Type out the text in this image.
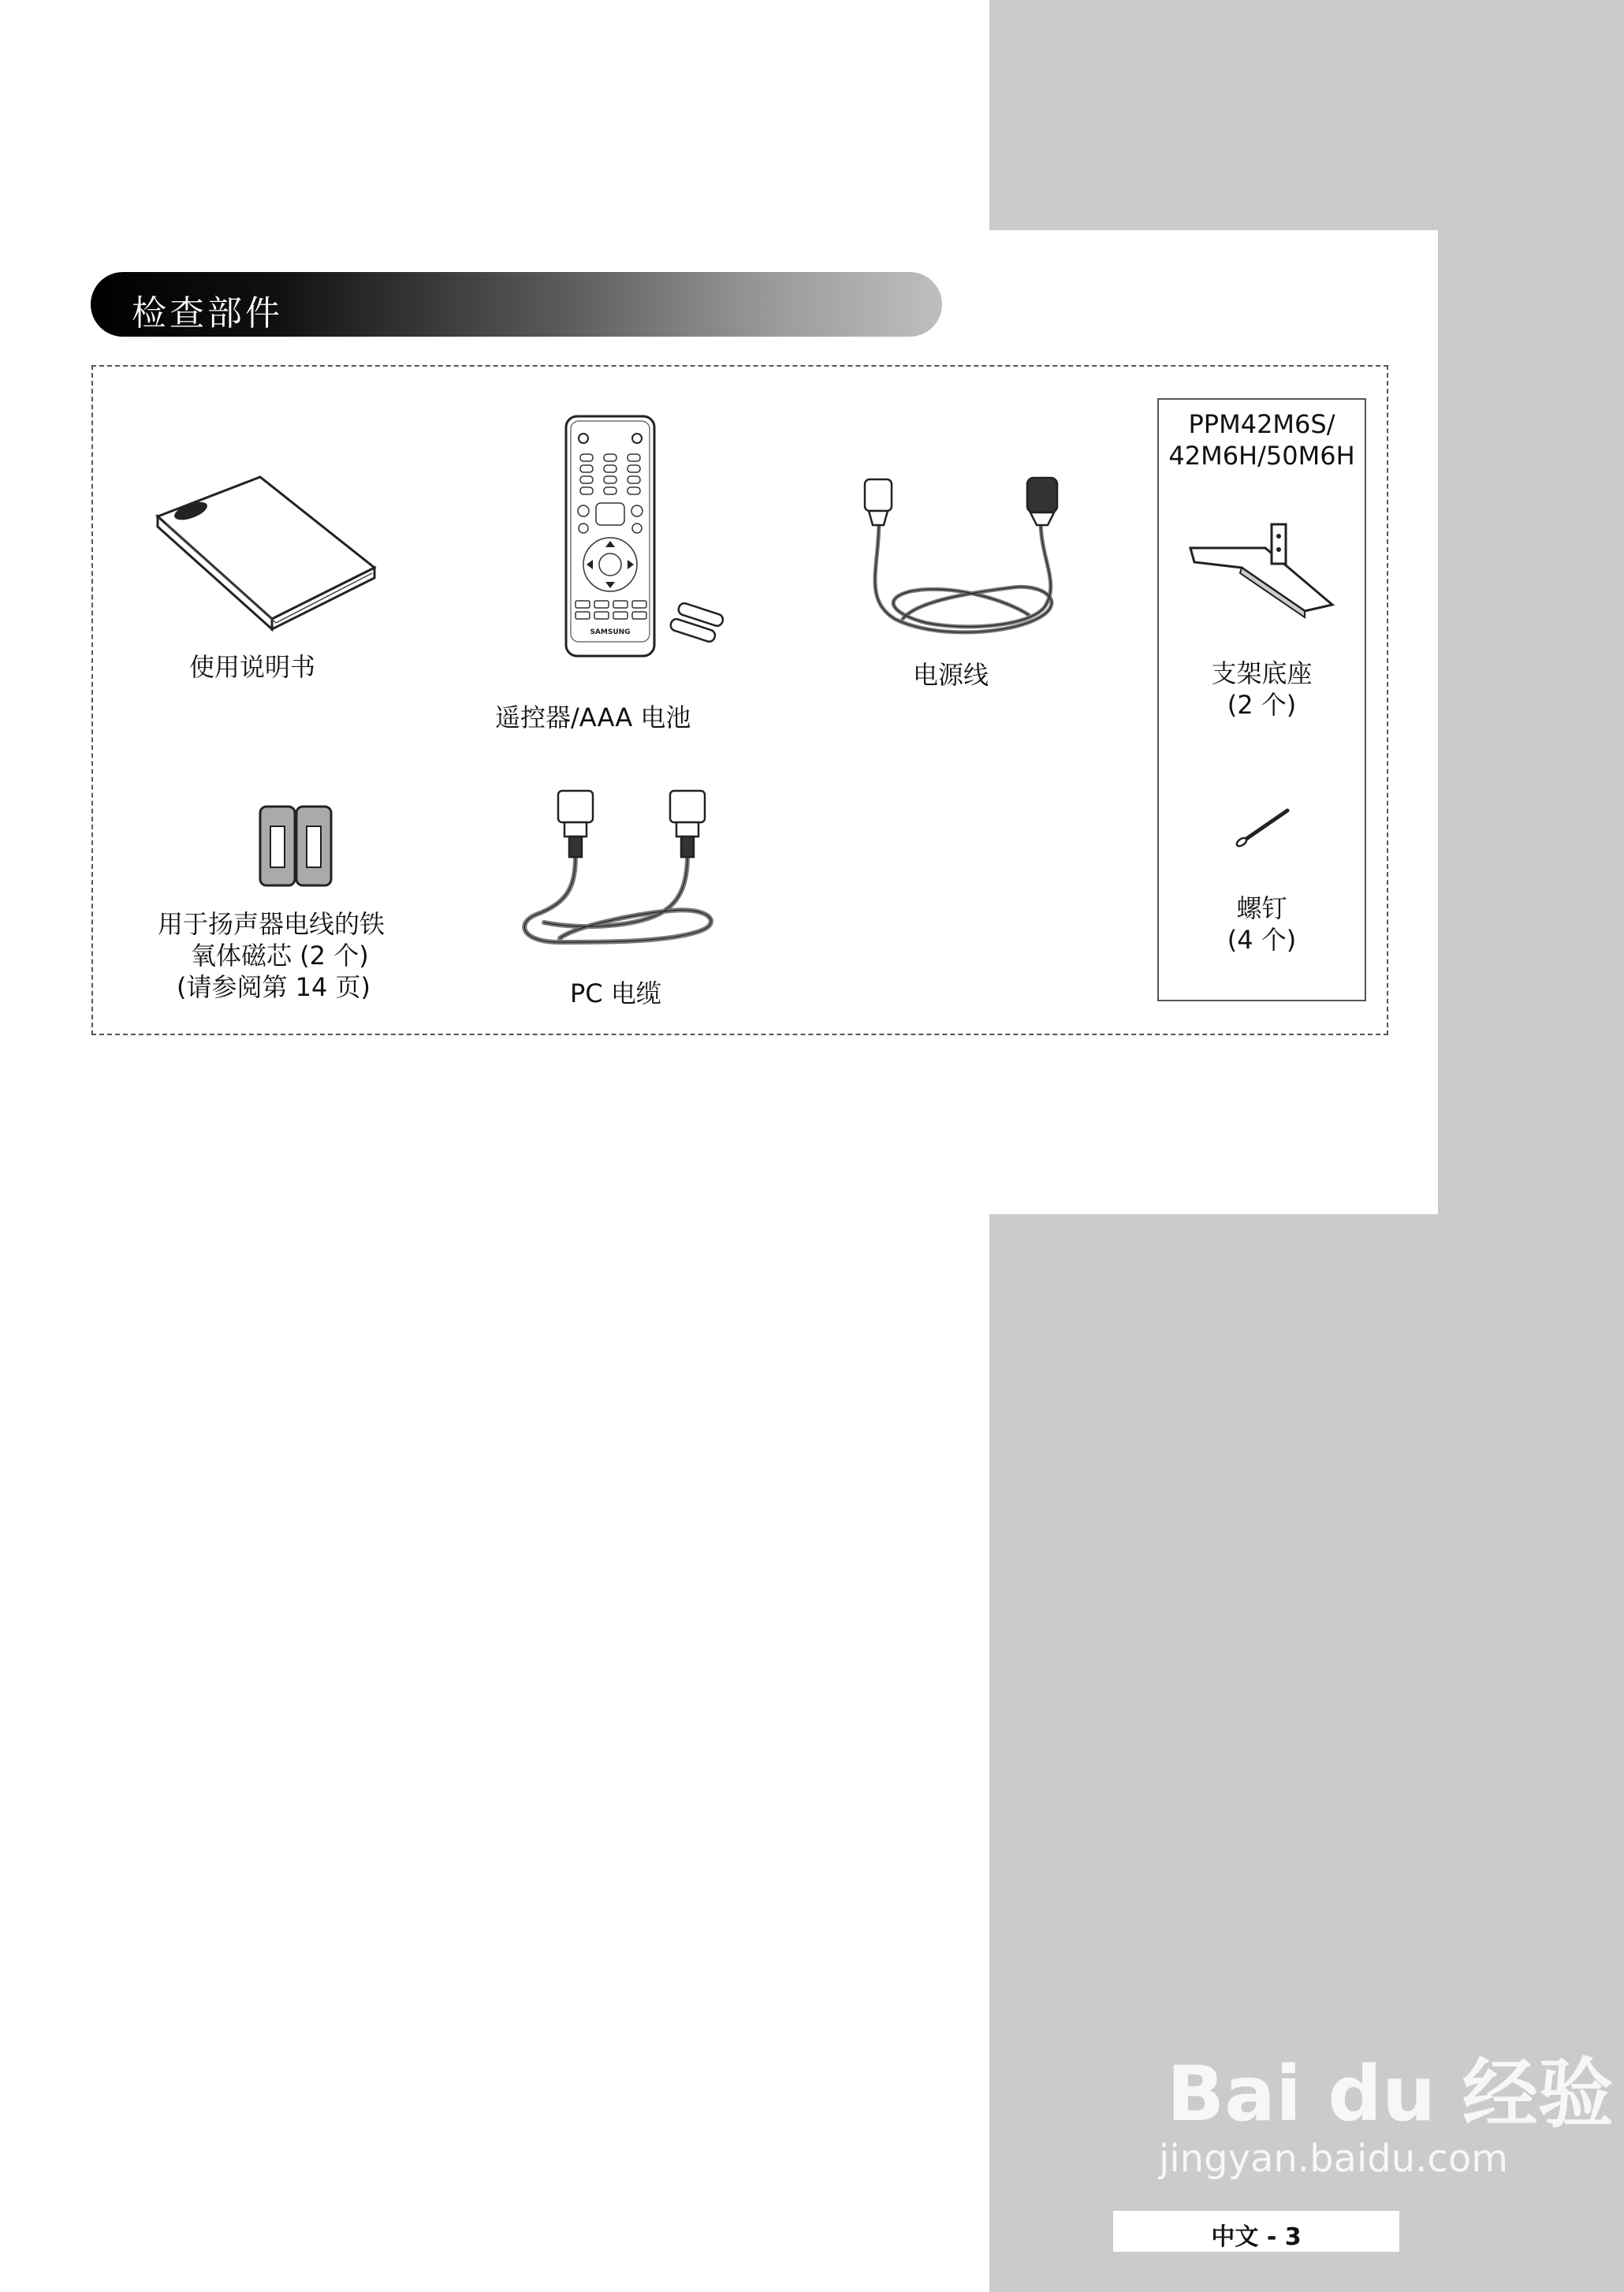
检查部件
使用说明书
SAMSUNG
遥控器/AAA 电池
电源线
PPM42M6S/
42M6H/50M6H
支架底座
(2 个)
螺钉
(4 个)
用于扬声器电线的铁
氧体磁芯 (2 个)
(请参阅第 14 页)	PC 电缆
Bai du 经验
jingyan.baidu.com
中文 - 3
